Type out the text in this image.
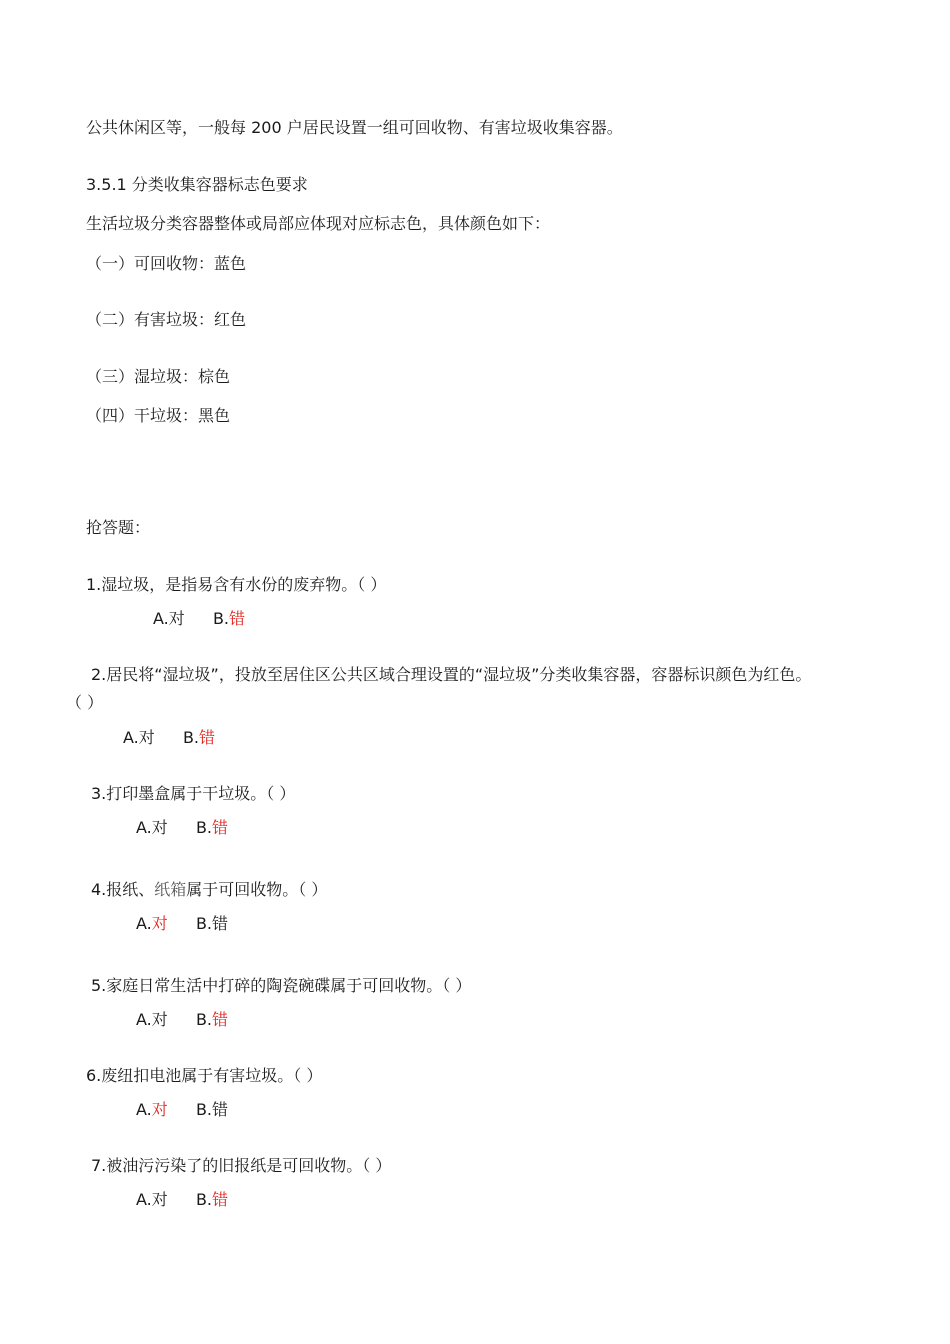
公共休闲区等，一般每 200 户居民设置一组可回收物、有害垃圾收集容器。
3.5.1 分类收集容器标志色要求
生活垃圾分类容器整体或局部应体现对应标志色，具体颜色如下：
（一）可回收物：蓝色
（二）有害垃圾：红色
（三）湿垃圾：棕色
（四）干垃圾：黑色
抢答题：
1.湿垃圾，是指易含有水份的废弃物。（ ）
A.对 B.错
2.居民将“湿垃圾”，投放至居住区公共区域合理设置的“湿垃圾”分类收集容器，容器标识颜色为红色。
（ ）
A.对 B.错
3.打印墨盒属于干垃圾。（ ）
A.对 B.错
4.报纸、纸箱属于可回收物。（ ）
A.对 B.错
5.家庭日常生活中打碎的陶瓷碗碟属于可回收物。（ ）
A.对 B.错
6.废纽扣电池属于有害垃圾。（ ）
A.对 B.错
7.被油污污染了的旧报纸是可回收物。（ ）
A.对 B.错
